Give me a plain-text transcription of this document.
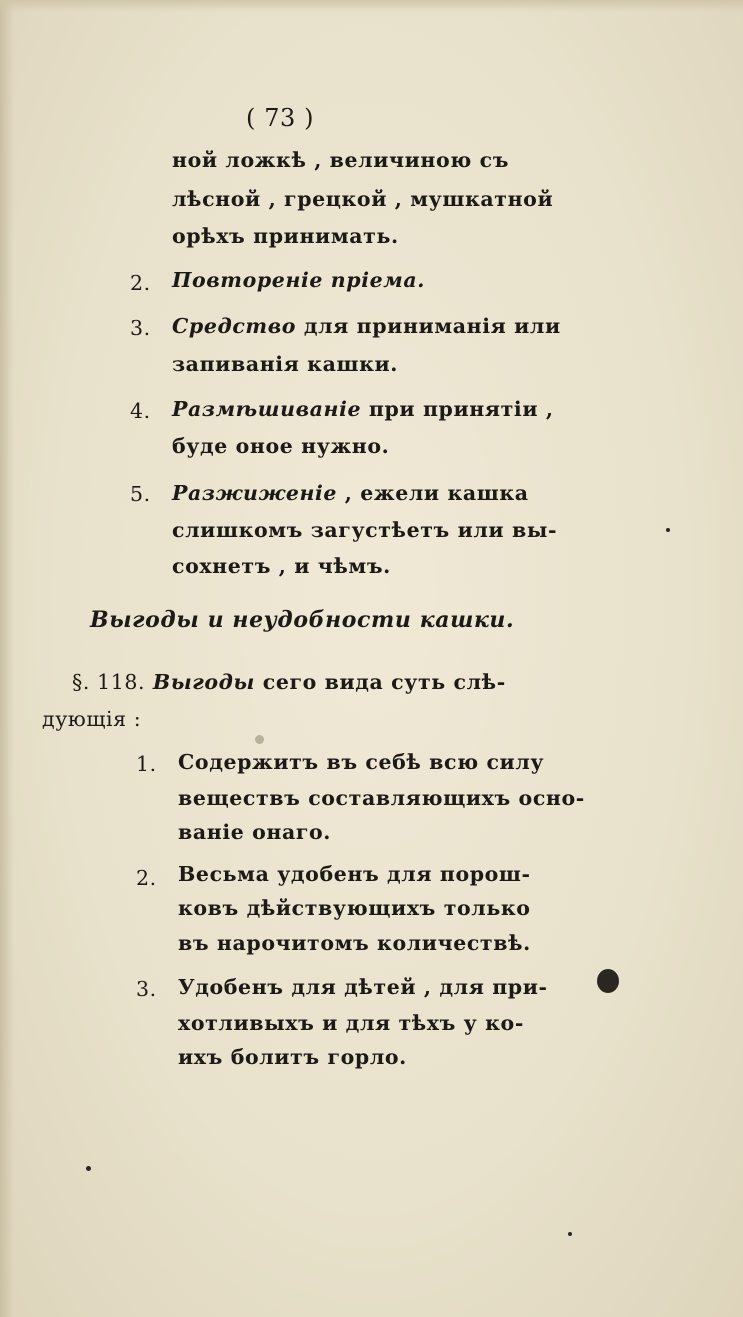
( 73 )
ной ложкѣ , величиною съ
лѣсной , грецкой , мушкатной
орѣхъ принимать.
2. Повторенiе прiема.
3. Средство для приниманiя или
запиванiя кашки.
4. Размѣшиванiе при принятiи ,
буде оное нужно.
5. Разжиженiе , ежели кашка
слишкомъ загустѣетъ или вы-
сохнетъ , и чѣмъ.
Выгоды и неудобности кашки.
§. 118. Выгоды сего вида суть слѣ-
дующiя :
1. Содержитъ въ себѣ всю силу
веществъ составляющихъ осно-
ванiе онаго.
2. Весьма удобенъ для порош-
ковъ дѣйствующихъ только
въ нарочитомъ количествѣ.
3. Удобенъ для дѣтей , для при-
хотливыхъ и для тѣхъ у ко-
ихъ болитъ горло.
